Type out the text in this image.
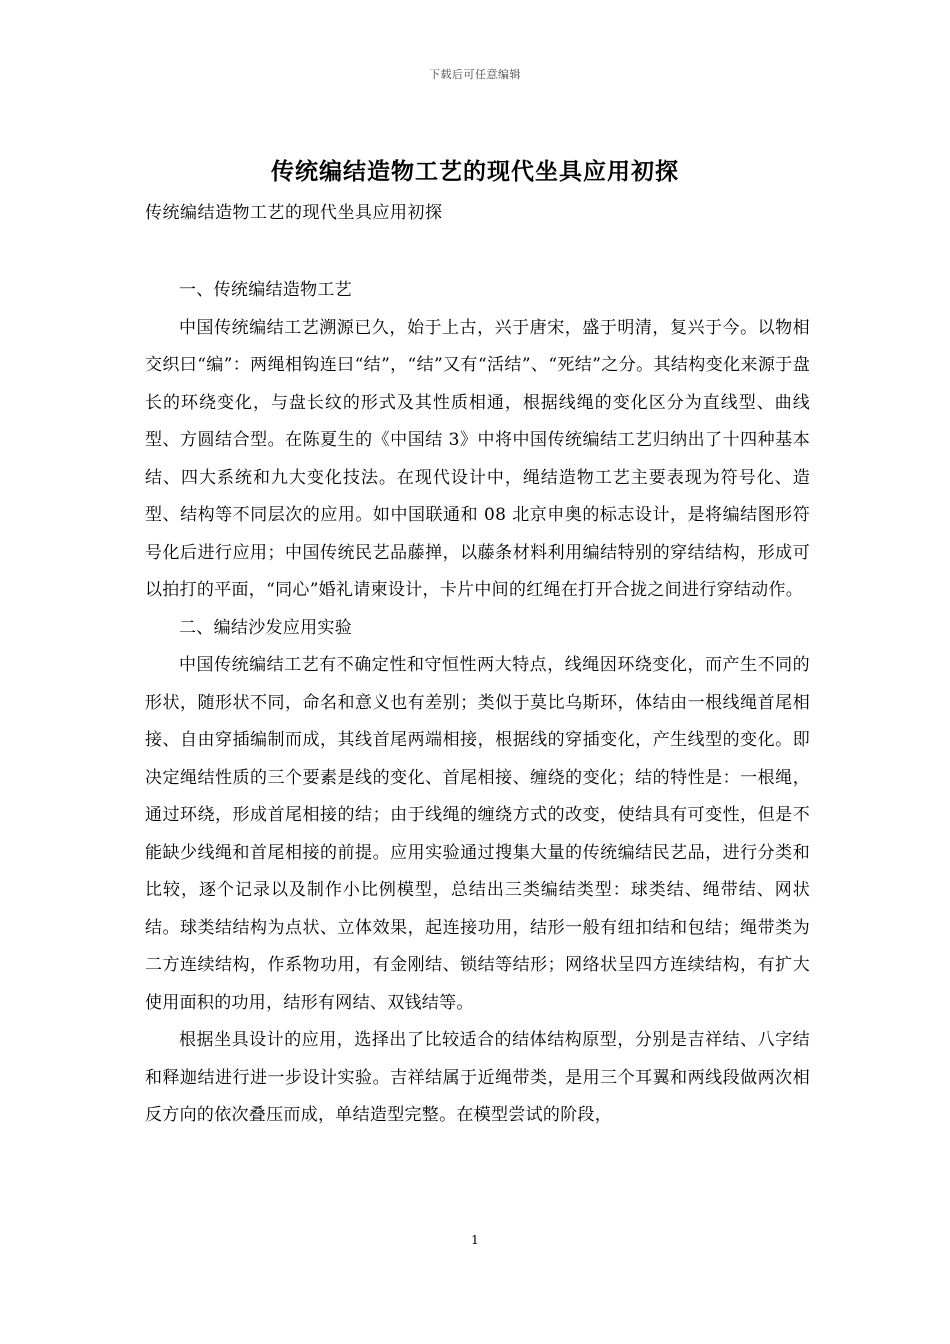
下载后可任意编辑
传统编结造物工艺的现代坐具应用初探
传统编结造物工艺的现代坐具应用初探

一、传统编结造物工艺

中国传统编结工艺溯源已久，始于上古，兴于唐宋，盛于明清，复兴于今。以物相交织曰“编”：两绳相钩连曰“结”，“结”又有“活结”、“死结”之分。其结构变化来源于盘长的环绕变化，与盘长纹的形式及其性质相通，根据线绳的变化区分为直线型、曲线型、方圆结合型。在陈夏生的《中国结 3》中将中国传统编结工艺归纳出了十四种基本结、四大系统和九大变化技法。在现代设计中，绳结造物工艺主要表现为符号化、造型、结构等不同层次的应用。如中国联通和 08 北京申奥的标志设计，是将编结图形符号化后进行应用；中国传统民艺品藤掸，以藤条材料利用编结特别的穿结结构，形成可以拍打的平面，“同心”婚礼请柬设计，卡片中间的红绳在打开合拢之间进行穿结动作。

二、编结沙发应用实验

中国传统编结工艺有不确定性和守恒性两大特点，线绳因环绕变化，而产生不同的形状，随形状不同，命名和意义也有差别；类似于莫比乌斯环，体结由一根线绳首尾相接、自由穿插编制而成，其线首尾两端相接，根据线的穿插变化，产生线型的变化。即决定绳结性质的三个要素是线的变化、首尾相接、缠绕的变化；结的特性是：一根绳，通过环绕，形成首尾相接的结；由于线绳的缠绕方式的改变，使结具有可变性，但是不能缺少线绳和首尾相接的前提。应用实验通过搜集大量的传统编结民艺品，进行分类和比较，逐个记录以及制作小比例模型，总结出三类编结类型：球类结、绳带结、网状结。球类结结构为点状、立体效果，起连接功用，结形一般有纽扣结和包结；绳带类为二方连续结构，作系物功用，有金刚结、锁结等结形；网络状呈四方连续结构，有扩大使用面积的功用，结形有网结、双钱结等。

根据坐具设计的应用，选择出了比较适合的结体结构原型，分别是吉祥结、八字结和释迦结进行进一步设计实验。吉祥结属于近绳带类，是用三个耳翼和两线段做两次相反方向的依次叠压而成，单结造型完整。在模型尝试的阶段，

1
